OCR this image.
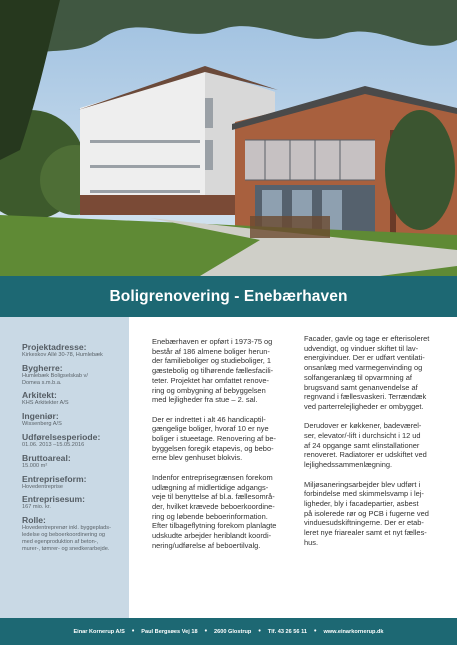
Boligrenovering - Enebærhaven
Projektadresse:
Kirkeskov Allé 30-78, Humlebæk
Bygherre:
Humlebæk Boligselskab v/
Domea s.m.b.a.
Arkitekt:
KHS Arkitekter A/S
Ingeniør:
Wissenberg A/S
Udførelsesperiode:
01.06. 2013 –15.05.2016
Bruttoareal:
15.000 m²
Entrepriseform:
Hovedentreprise
Entreprisesum:
167 mio. kr.
Rolle:
Hovedentreprenør inkl. byggeplads-
ledelse og beboerkoordinering og
med egenproduktion af beton-,
murer-, tømrer- og snedkerarbejde.

Enebærhaven er opført i 1973-75 og
består af 186 almene boliger herun-
der familieboliger og studieboliger, 1
gæstebolig og tilhørende fællesfacili-
teter. Projektet har omfattet renove-
ring og ombygning af bebyggelsen
med lejligheder fra stue – 2. sal.

Der er indrettet i alt 46 handicaptil-
gængelige boliger, hvoraf 10 er nye
boliger i stueetage. Renovering af be-
byggelsen foregik etapevis, og bebo-
erne blev genhuset blokvis.

Indenfor entreprisegrænsen forekom
udlægning af midlertidige adgangs-
veje til benyttelse af bl.a. fællesområ-
der, hvilket krævede beboerkoordine-
ring og løbende beboerinformation.
Efter tilbageflytning forekom planlagte
udskudte arbejder heriblandt koordi-
nering/udførelse af beboertilvalg.

Facader, gavle og tage er efterisoleret
udvendigt, og vinduer skiftet til lav-
energivinduer. Der er udført ventilati-
onsanlæg med varmegenvinding og
solfangeranlæg til opvarmning af
brugsvand samt genanvendelse af
regnvand i fællesvaskeri. Terrændæk
ved parterrelejligheder er ombygget.

Derudover er køkkener, badeværel-
ser, elevator/-lift i durchsicht i 12 ud
af 24 opgange samt elinstallationer
renoveret. Radiatorer er udskiftet ved
lejlighedssammenlægning.

Miljøsaneringsarbejder blev udført i
forbindelse med skimmelsvamp i lej-
ligheder, bly i facadepartier, asbest
på isolerede rør og PCB i fugerne ved
vinduesudskiftningerne. Der er etab-
leret nye friarealer samt et nyt fælles-
hus.

Einar Kornerup A/S • Paul Bergsøes Vej 18 • 2600 Glostrup • Tlf. 43 26 56 11 • www.einarkornerup.dk
